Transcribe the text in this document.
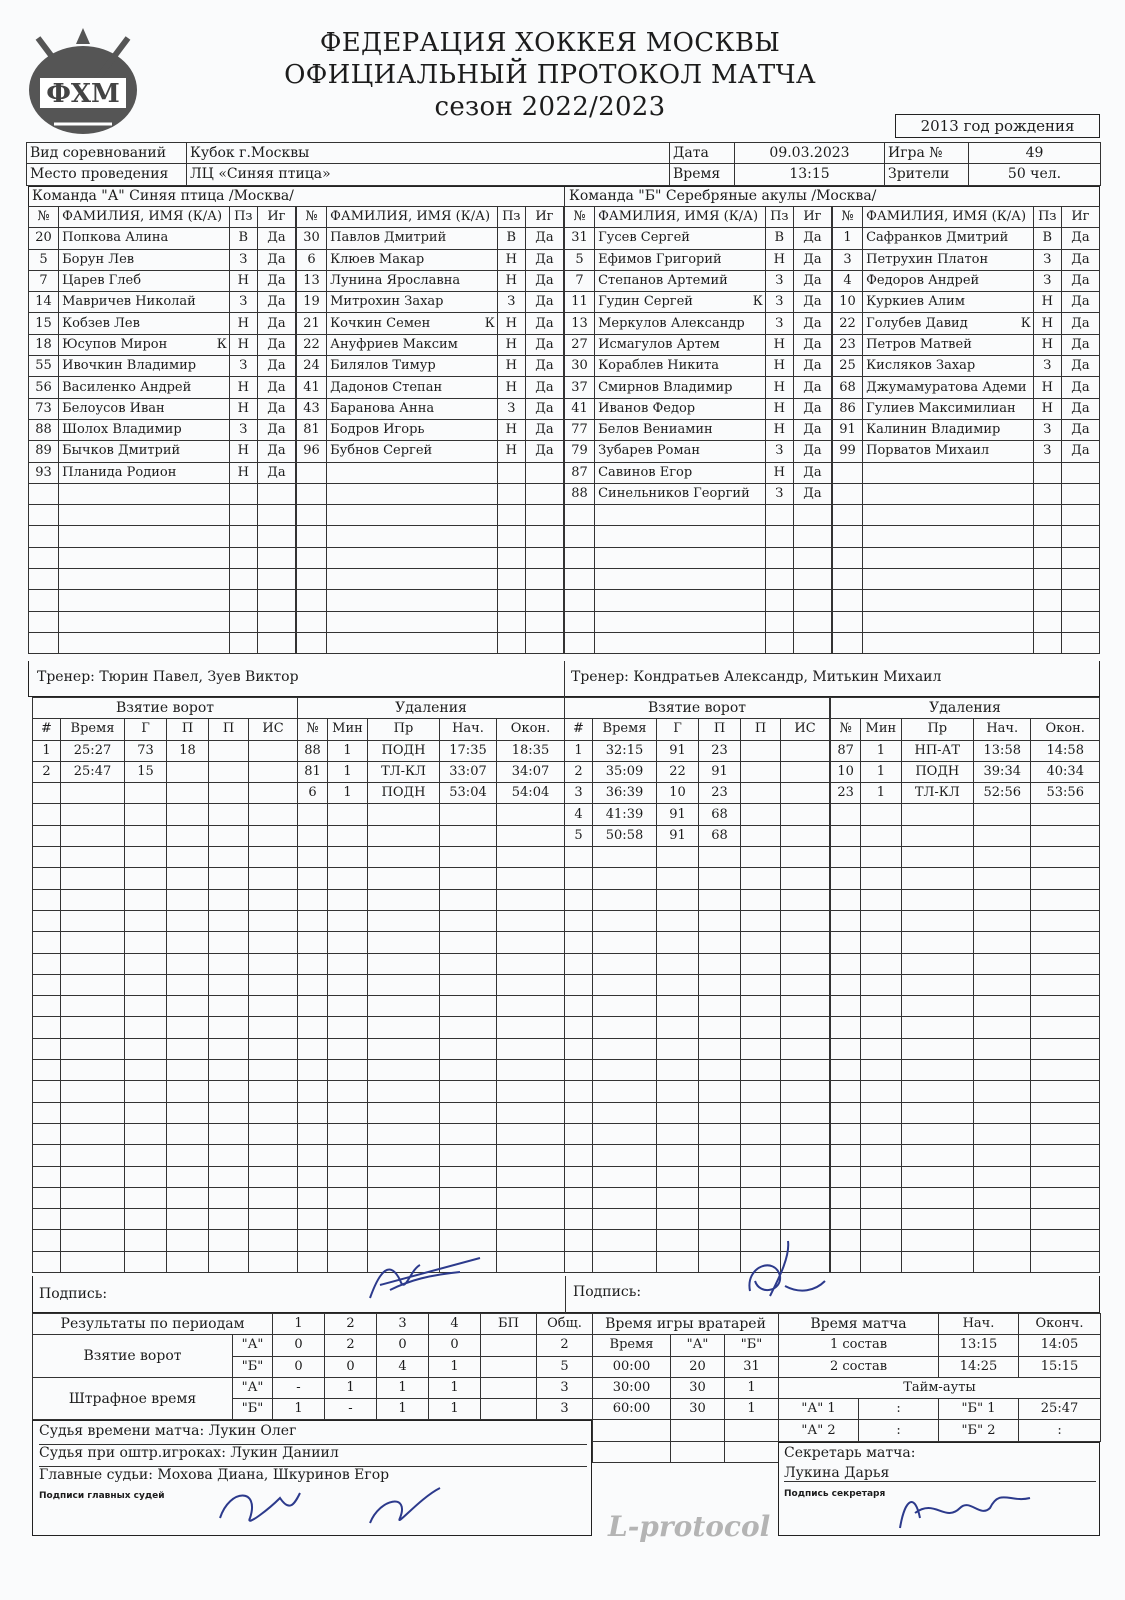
ФХМ
ФЕДЕРАЦИЯ ХОККЕЯ МОСКВЫ
ОФИЦИАЛЬНЫЙ ПРОТОКОЛ МАТЧА
сезон 2022/2023
2013 год рождения
Вид соревнований	Кубок г.Москвы	Дата	09.03.2023	Игра №	49
Место проведения	ЛЦ «Синяя птица»	Время	13:15	Зрители	50 чел.
Команда "А" Синяя птица /Москва/	Команда "Б" Серебряные акулы /Москва/
№	ФАМИЛИЯ, ИМЯ (К/А)		Пз	Иг
20	Попкова Алина		В	Да
5	Борун Лев		З	Да
7	Царев Глеб		Н	Да
14	Мавричев Николай		З	Да
15	Кобзев Лев		Н	Да
18	Юсупов Мирон	К	Н	Да
55	Ивочкин Владимир		З	Да
56	Василенко Андрей		Н	Да
73	Белоусов Иван		Н	Да
88	Шолох Владимир		З	Да
89	Бычков Дмитрий		Н	Да
93	Планида Родион		Н	Да

№	ФАМИЛИЯ, ИМЯ (К/А)		Пз	Иг
30	Павлов Дмитрий		В	Да
6	Клюев Макар		Н	Да
13	Лунина Ярославна		Н	Да
19	Митрохин Захар		З	Да
21	Кочкин Семен	К	Н	Да
22	Ануфриев Максим		Н	Да
24	Билялов Тимур		Н	Да
41	Дадонов Степан		Н	Да
43	Баранова Анна		З	Да
81	Бодров Игорь		Н	Да
96	Бубнов Сергей		Н	Да

№	ФАМИЛИЯ, ИМЯ (К/А)		Пз	Иг
31	Гусев Сергей		В	Да
5	Ефимов Григорий		Н	Да
7	Степанов Артемий		З	Да
11	Гудин Сергей	К	З	Да
13	Меркулов Александр		З	Да
27	Исмагулов Артем		Н	Да
30	Кораблев Никита		Н	Да
37	Смирнов Владимир		Н	Да
41	Иванов Федор		Н	Да
77	Белов Вениамин		Н	Да
79	Зубарев Роман		З	Да
87	Савинов Егор		Н	Да
88	Синельников Георгий		З	Да

№	ФАМИЛИЯ, ИМЯ (К/А)		Пз	Иг
1	Сафранков Дмитрий		В	Да
3	Петрухин Платон		З	Да
4	Федоров Андрей		З	Да
10	Куркиев Алим		Н	Да
22	Голубев Давид	К	Н	Да
23	Петров Матвей		Н	Да
25	Кисляков Захар		З	Да
68	Джумамуратова Адеми		Н	Да
86	Гулиев Максимилиан		Н	Да
91	Калинин Владимир		З	Да
99	Порватов Михаил		З	Да

Тренер: Тюрин Павел, Зуев Виктор	Тренер: Кондратьев Александр, Митькин Михаил
Взятие ворот					
#	Время	Г	П	П	ИС
1	25:27	73	18		
2	25:47	15			

Удаления				
№	Мин	Пр	Нач.	Окон.
88	1	ПОДН	17:35	18:35
81	1	ТЛ-КЛ	33:07	34:07
6	1	ПОДН	53:04	54:04

Взятие ворот					
#	Время	Г	П	П	ИС
1	32:15	91	23		
2	35:09	22	91		
3	36:39	10	23		
4	41:39	91	68		
5	50:58	91	68		

Удаления				
№	Мин	Пр	Нач.	Окон.
87	1	НП-АТ	13:58	14:58
10	1	ПОДН	39:34	40:34
23	1	ТЛ-КЛ	52:56	53:56

Подпись:	Подпись:
Результаты по периодам		1	2	3	4	БП	Общ.
Взятие ворот	"А"	0	2	0	0		2
	"Б"	0	0	4	1		5
Штрафное время	"А"	-	1	1	1		3
	"Б"	1	-	1	1		3
Время игры вратарей		
Время	"А"	"Б"
00:00	20	31
30:00	30	1
60:00	30	1

Время матча		Нач.	Оконч.
1 состав		13:15	14:05
2 состав		14:25	15:15
Тайм-ауты			
"А" 1	:	"Б" 1	25:47
"А" 2	:	"Б" 2	:
Судья времени матча: Лукин Олег
Судья при оштр.игроках: Лукин Даниил
Главные судьи: Мохова Диана, Шкуринов Егор
Подписи главных судей
L-protocol
Секретарь матча:
Лукина Дарья
Подпись секретаря
